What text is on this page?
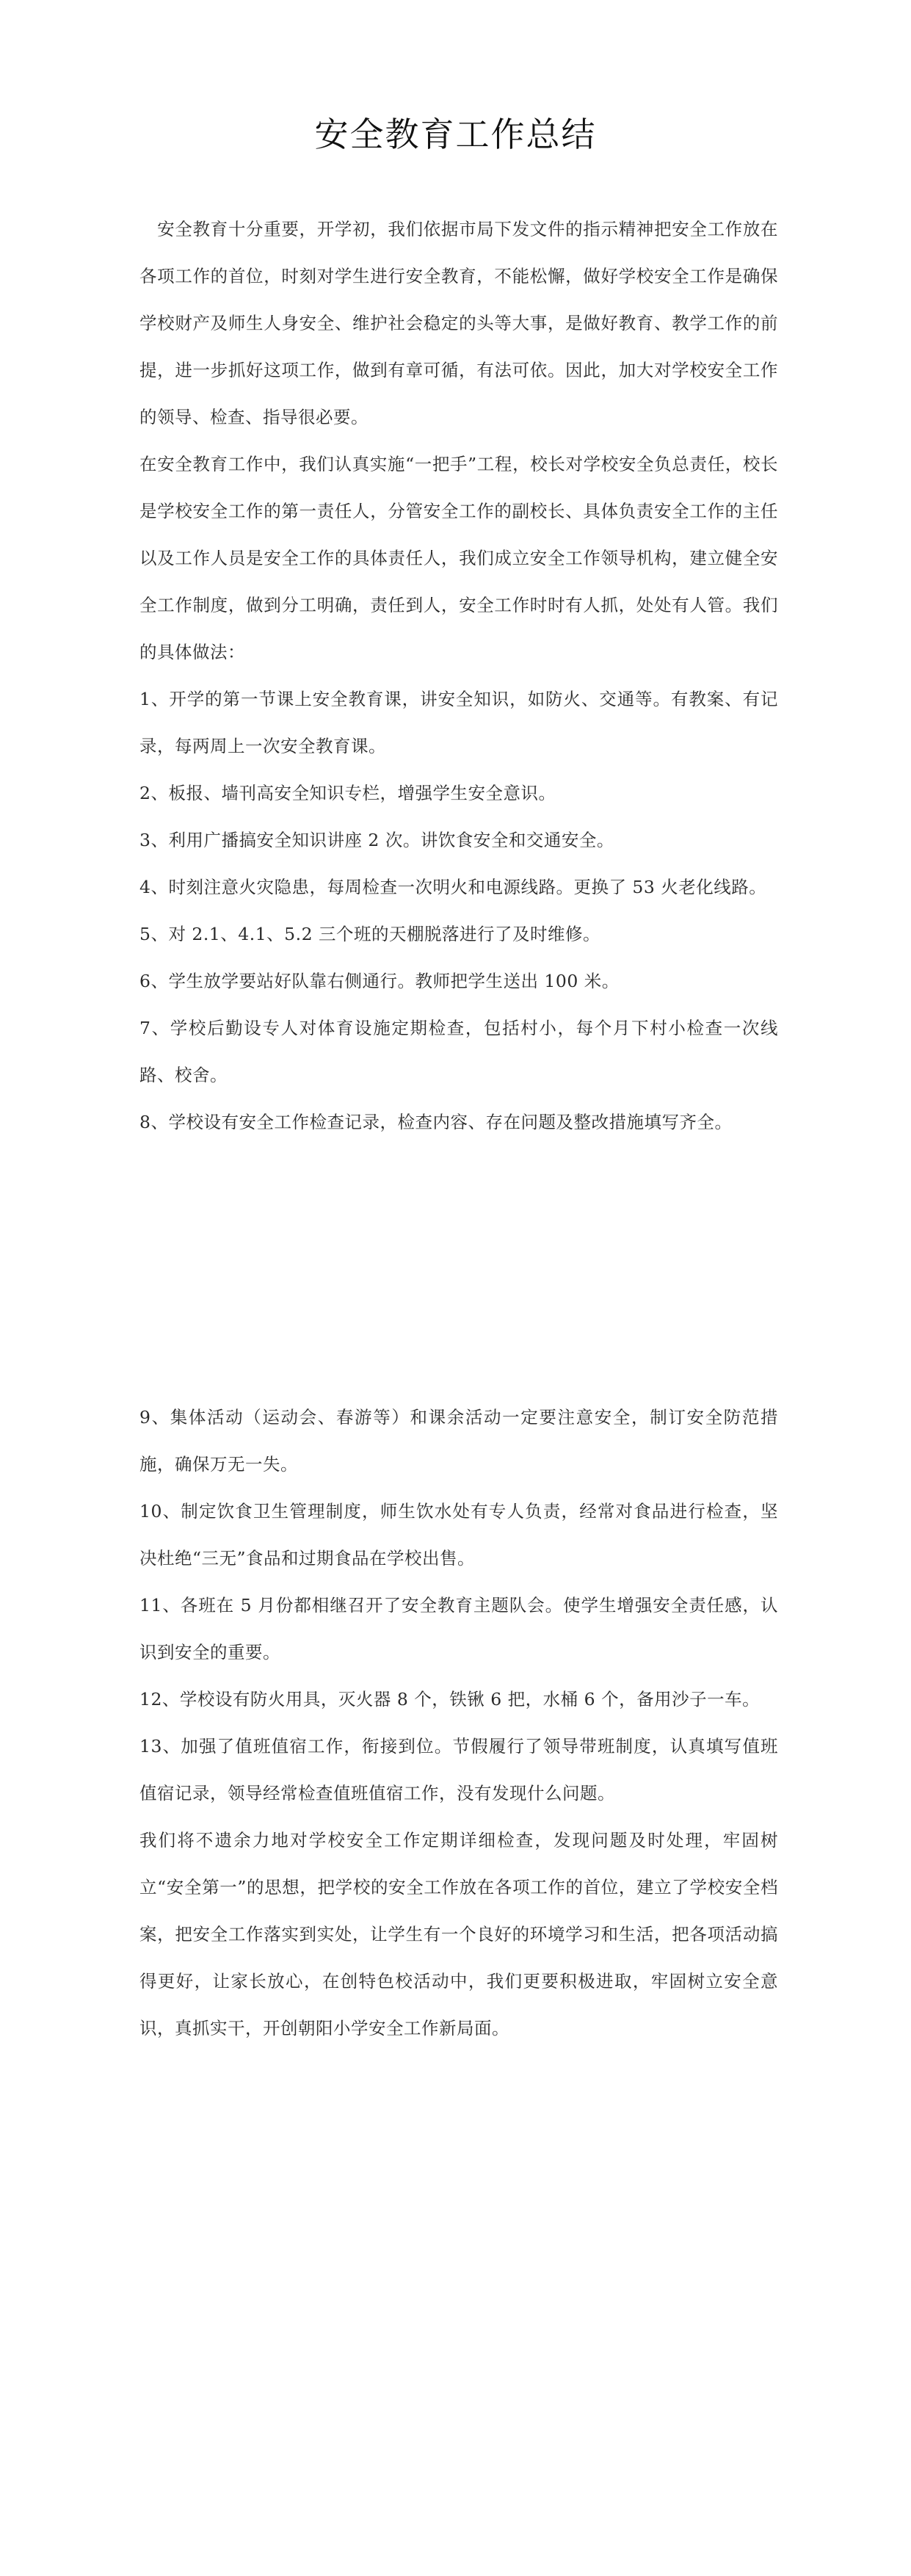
安全教育工作总结

　安全教育十分重要，开学初，我们依据市局下发文件的指示精神把安全工作放在各项工作的首位，时刻对学生进行安全教育，不能松懈，做好学校安全工作是确保学校财产及师生人身安全、维护社会稳定的头等大事，是做好教育、教学工作的前提，进一步抓好这项工作，做到有章可循，有法可依。因此，加大对学校安全工作的领导、检查、指导很必要。

在安全教育工作中，我们认真实施“一把手”工程，校长对学校安全负总责任，校长是学校安全工作的第一责任人，分管安全工作的副校长、具体负责安全工作的主任以及工作人员是安全工作的具体责任人，我们成立安全工作领导机构，建立健全安全工作制度，做到分工明确，责任到人，安全工作时时有人抓，处处有人管。我们的具体做法：

1、开学的第一节课上安全教育课，讲安全知识，如防火、交通等。有教案、有记录，每两周上一次安全教育课。

2、板报、墙刊高安全知识专栏，增强学生安全意识。

3、利用广播搞安全知识讲座 2 次。讲饮食安全和交通安全。

4、时刻注意火灾隐患，每周检查一次明火和电源线路。更换了 53 火老化线路。

5、对 2.1、4.1、5.2 三个班的天棚脱落进行了及时维修。

6、学生放学要站好队靠右侧通行。教师把学生送出 100 米。

7、学校后勤设专人对体育设施定期检查，包括村小，每个月下村小检查一次线路、校舍。

8、学校设有安全工作检查记录，检查内容、存在问题及整改措施填写齐全。

9、集体活动（运动会、春游等）和课余活动一定要注意安全，制订安全防范措施，确保万无一失。

10、制定饮食卫生管理制度，师生饮水处有专人负责，经常对食品进行检查，坚决杜绝“三无”食品和过期食品在学校出售。

11、各班在 5 月份都相继召开了安全教育主题队会。使学生增强安全责任感，认识到安全的重要。

12、学校设有防火用具，灭火器 8 个，铁锹 6 把，水桶 6 个，备用沙子一车。

13、加强了值班值宿工作，衔接到位。节假履行了领导带班制度，认真填写值班值宿记录，领导经常检查值班值宿工作，没有发现什么问题。

我们将不遗余力地对学校安全工作定期详细检查，发现问题及时处理，牢固树立“安全第一”的思想，把学校的安全工作放在各项工作的首位，建立了学校安全档案，把安全工作落实到实处，让学生有一个良好的环境学习和生活，把各项活动搞得更好，让家长放心，在创特色校活动中，我们更要积极进取，牢固树立安全意识，真抓实干，开创朝阳小学安全工作新局面。
